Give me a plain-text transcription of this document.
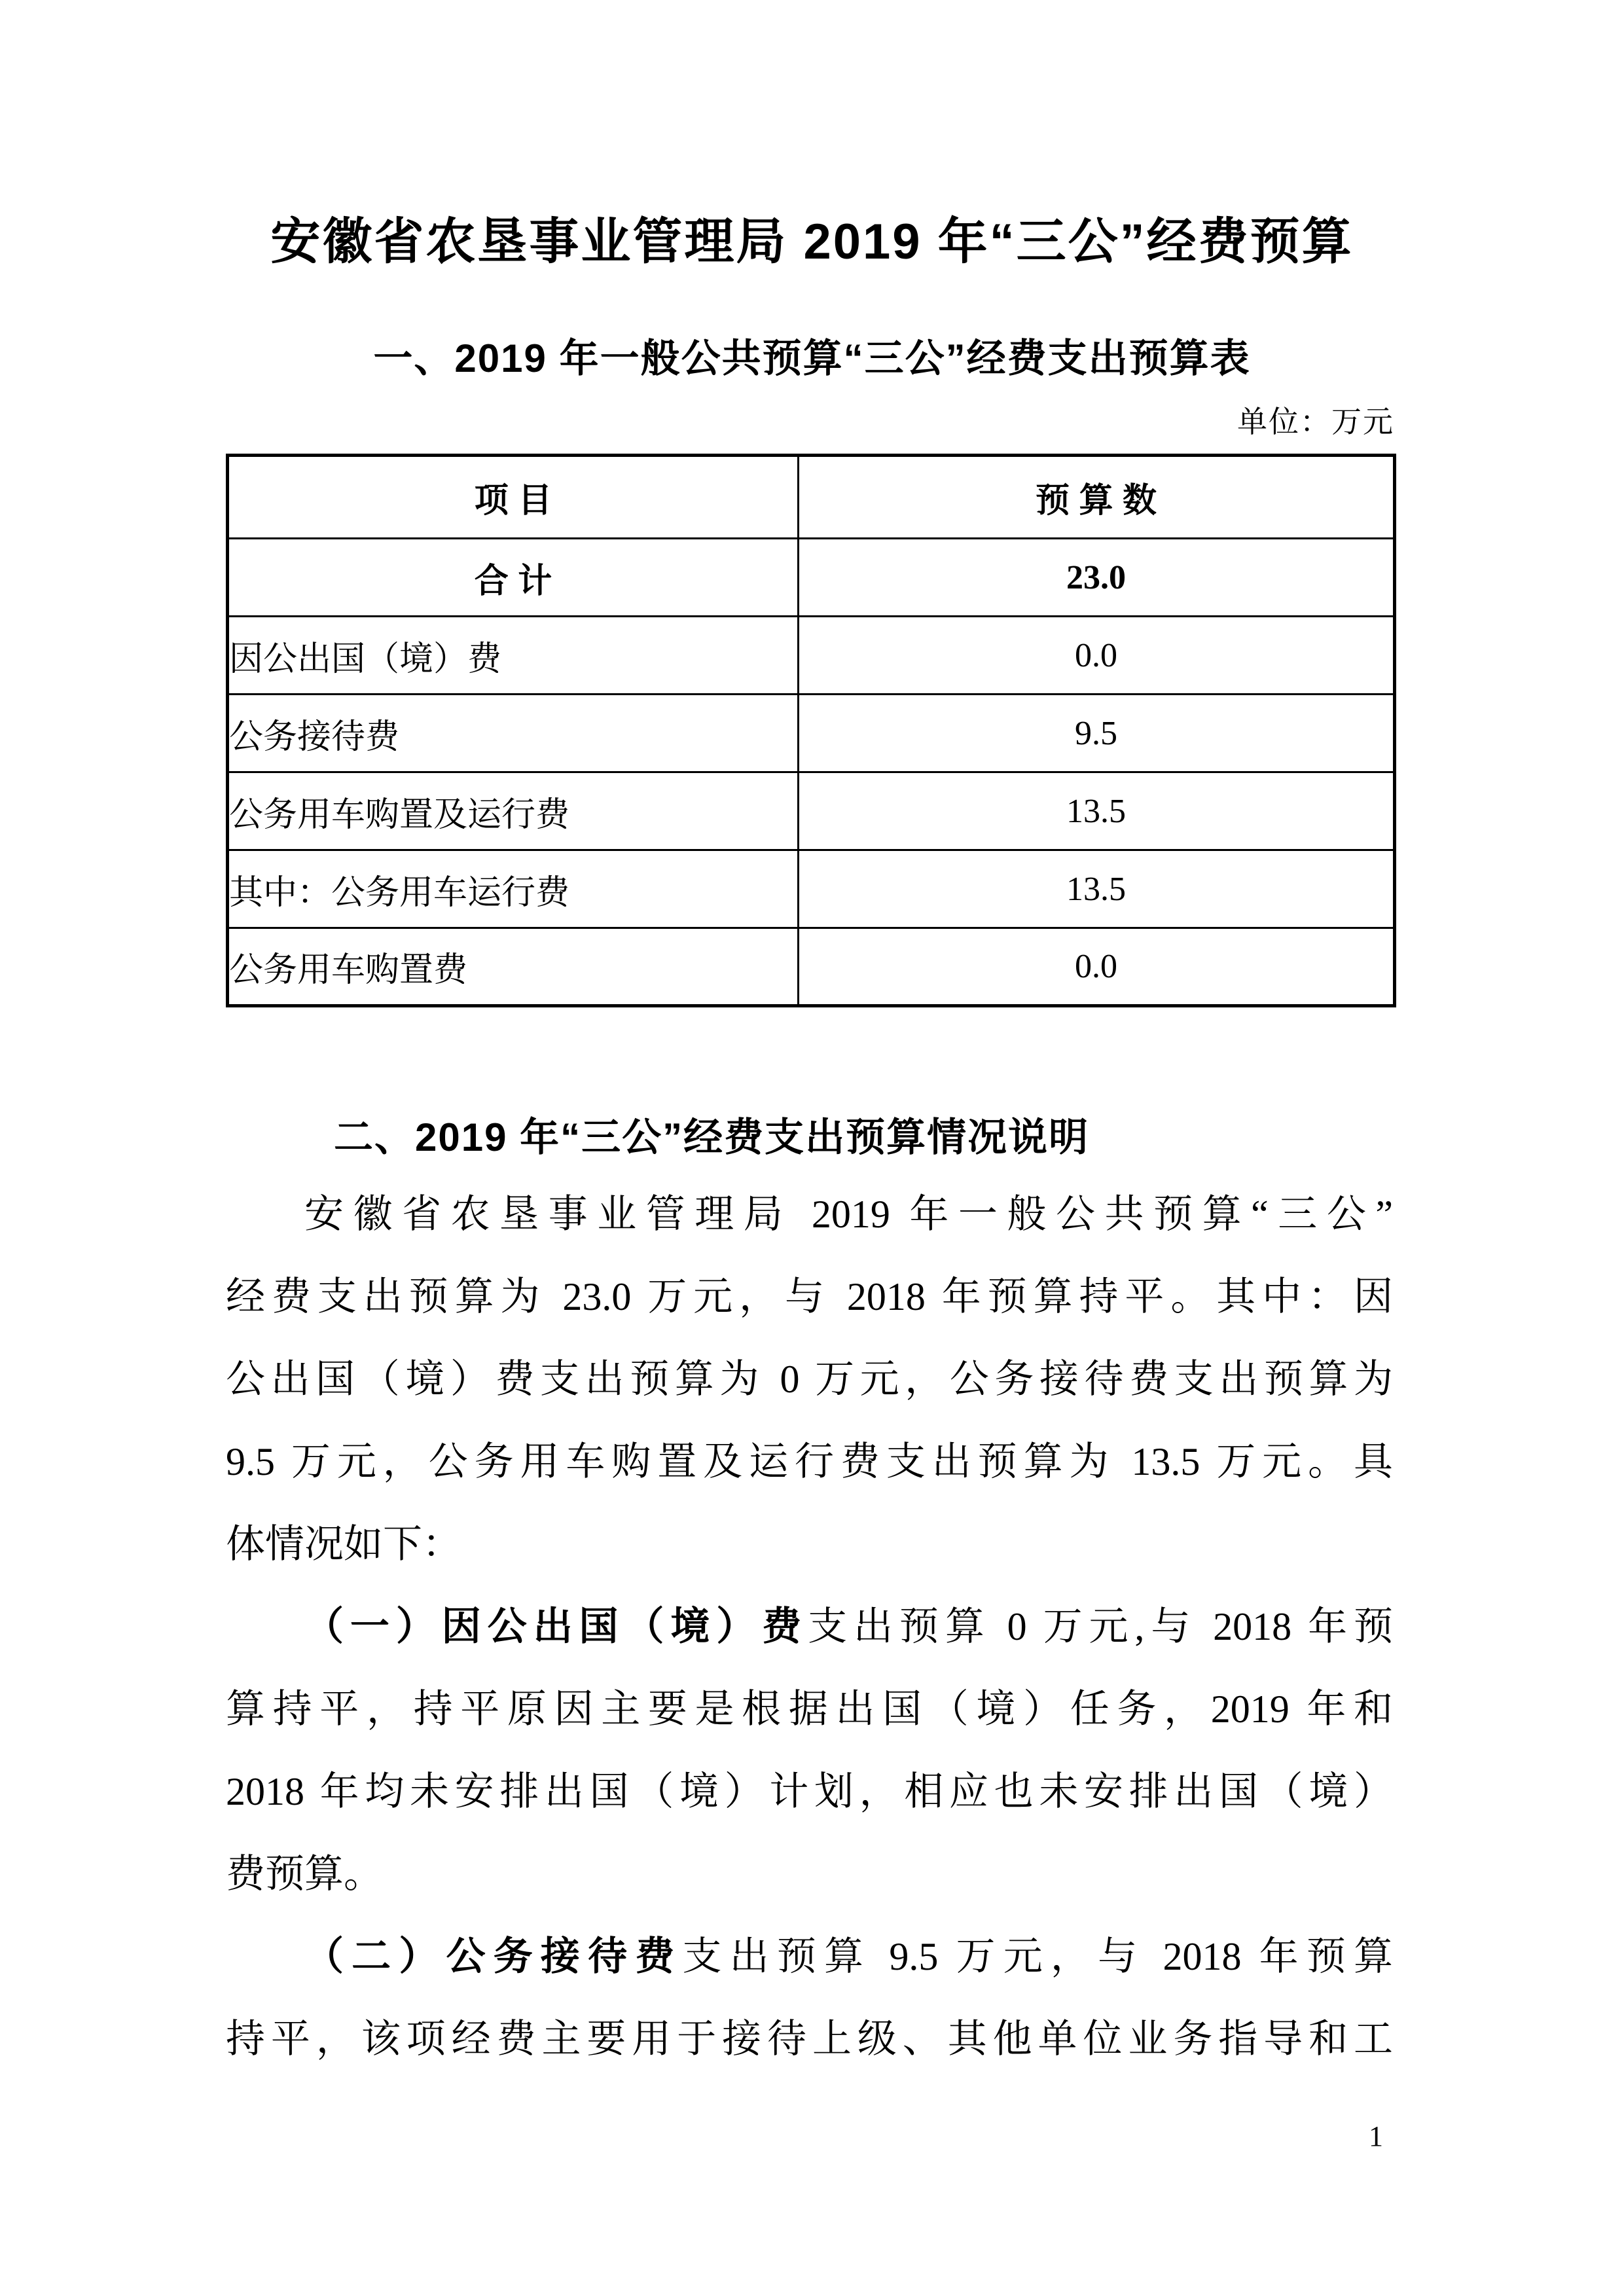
安徽省农垦事业管理局 2019 年“三公”经费预算
一、2019 年一般公共预算“三公”经费支出预算表
单位：万元
项 目	预 算 数
合 计	23.0
因公出国（境）费	0.0
公务接待费	9.5
公务用车购置及运行费	13.5
其中：公务用车运行费	13.5
公务用车购置费	0.0
二、2019 年“三公”经费支出预算情况说明
安徽省农垦事业管理局 2019 年一般公共预算“三公”
经费支出预算为 23.0 万元，与 2018 年预算持平。其中：因
公出国（境）费支出预算为 0 万元，公务接待费支出预算为
9.5 万元，公务用车购置及运行费支出预算为 13.5 万元。具
体情况如下：
（一）因公出国（境）费支出预算 0 万元,与 2018 年预
算持平，持平原因主要是根据出国（境）任务，2019 年和
2018 年均未安排出国（境）计划，相应也未安排出国（境）
费预算。
（二）公务接待费支出预算 9.5 万元，与 2018 年预算
持平，该项经费主要用于接待上级、其他单位业务指导和工
1
